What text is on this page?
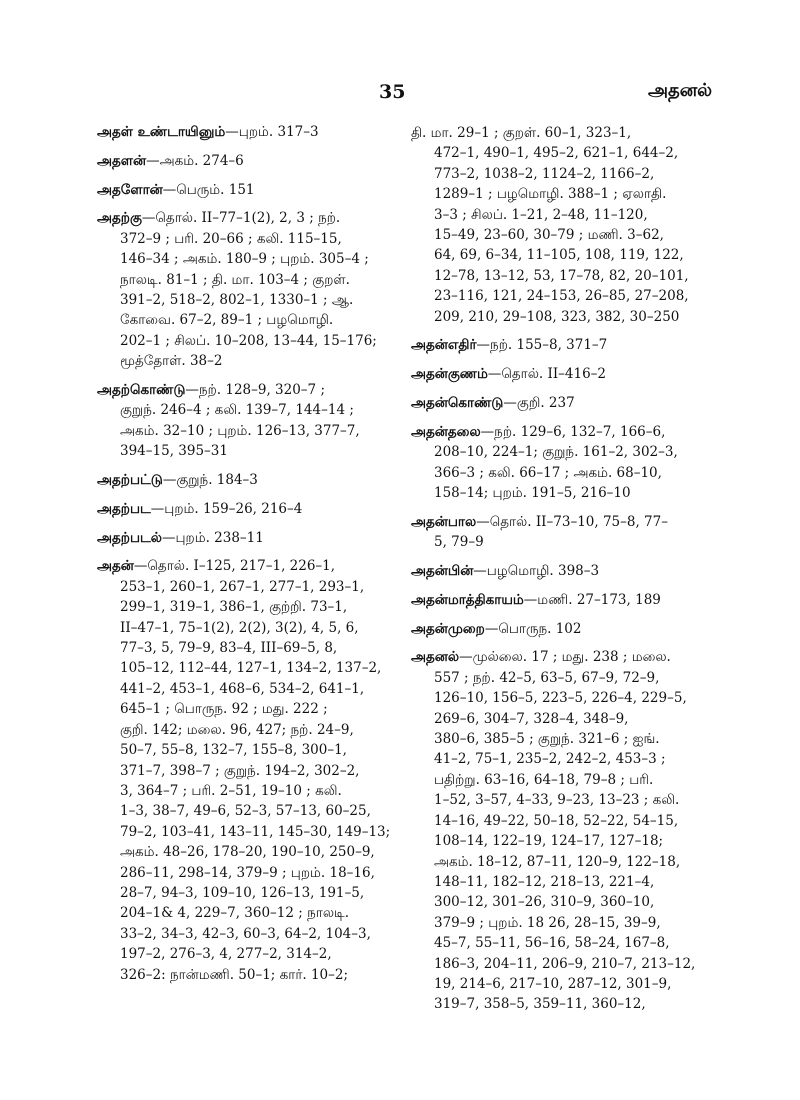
35	அதனல்
அதள் உண்டாயினும்—புறம். 317–3
அதளன்—அகம். 274–6
அதளோன்—பெரும். 151
அதற்கு—தொல். II–77–1(2), 2, 3 ; நற்.
372–9 ; பரி. 20–66 ; கலி. 115–15,
146–34 ; அகம். 180–9 ; புறம். 305–4 ;
நாலடி. 81–1 ; தி. மா. 103–4 ; குறள்.
391–2, 518–2, 802–1, 1330–1 ; ஆ.
கோவை. 67–2, 89–1 ; பழமொழி.
202–1 ; சிலப். 10–208, 13–44, 15–176;
மூத்தோள். 38–2
அதற்கொண்டு—நற். 128–9, 320–7 ;
குறுந். 246–4 ; கலி. 139–7, 144–14 ;
அகம். 32–10 ; புறம். 126–13, 377–7,
394–15, 395–31
அதற்பட்டு—குறுந். 184–3
அதற்பட—புறம். 159–26, 216–4
அதற்படல்—புறம். 238–11
அதன்—தொல். I–125, 217–1, 226–1,
253–1, 260–1, 267–1, 277–1, 293–1,
299–1, 319–1, 386–1, குற்றி. 73–1,
II–47–1, 75–1(2), 2(2), 3(2), 4, 5, 6,
77–3, 5, 79–9, 83–4, III–69–5, 8,
105–12, 112–44, 127–1, 134–2, 137–2,
441–2, 453–1, 468–6, 534–2, 641–1,
645–1 ; பொருந. 92 ; மது. 222 ;
குறி. 142; மலை. 96, 427; நற். 24–9,
50–7, 55–8, 132–7, 155–8, 300–1,
371–7, 398–7 ; குறுந். 194–2, 302–2,
3, 364–7 ; பரி. 2–51, 19–10 ; கலி.
1–3, 38–7, 49–6, 52–3, 57–13, 60–25,
79–2, 103–41, 143–11, 145–30, 149–13;
அகம். 48–26, 178–20, 190–10, 250–9,
286–11, 298–14, 379–9 ; புறம். 18–16,
28–7, 94–3, 109–10, 126–13, 191–5,
204–1& 4, 229–7, 360–12 ; நாலடி.
33–2, 34–3, 42–3, 60–3, 64–2, 104–3,
197–2, 276–3, 4, 277–2, 314–2,
326–2: நான்மணி. 50–1; கார். 10–2;
தி. மா. 29–1 ; குறள். 60–1, 323–1,
472–1, 490–1, 495–2, 621–1, 644–2,
773–2, 1038–2, 1124–2, 1166–2,
1289–1 ; பழமொழி. 388–1 ; ஏலாதி.
3–3 ; சிலப். 1–21, 2–48, 11–120,
15–49, 23–60, 30–79 ; மணி. 3–62,
64, 69, 6–34, 11–105, 108, 119, 122,
12–78, 13–12, 53, 17–78, 82, 20–101,
23–116, 121, 24–153, 26–85, 27–208,
209, 210, 29–108, 323, 382, 30–250
அதன்எதிர்—நற். 155–8, 371–7
அதன்குணம்—தொல். II–416–2
அதன்கொண்டு—குறி. 237
அதன்தலை—நற். 129–6, 132–7, 166–6,
208–10, 224–1; குறுந். 161–2, 302–3,
366–3 ; கலி. 66–17 ; அகம். 68–10,
158–14; புறம். 191–5, 216–10
அதன்பால—தொல். II–73–10, 75–8, 77–
5, 79–9
அதன்பின்—பழமொழி. 398–3
அதன்மாத்திகாயம்—மணி. 27–173, 189
அதன்முறை—பொருந. 102
அதனல்—முல்லை. 17 ; மது. 238 ; மலை.
557 ; நற். 42–5, 63–5, 67–9, 72–9,
126–10, 156–5, 223–5, 226–4, 229–5,
269–6, 304–7, 328–4, 348–9,
380–6, 385–5 ; குறுந். 321–6 ; ஐங்.
41–2, 75–1, 235–2, 242–2, 453–3 ;
பதிற்று. 63–16, 64–18, 79–8 ; பரி.
1–52, 3–57, 4–33, 9–23, 13–23 ; கலி.
14–16, 49–22, 50–18, 52–22, 54–15,
108–14, 122–19, 124–17, 127–18;
அகம். 18–12, 87–11, 120–9, 122–18,
148–11, 182–12, 218–13, 221–4,
300–12, 301–26, 310–9, 360–10,
379–9 ; புறம். 18 26, 28–15, 39–9,
45–7, 55–11, 56–16, 58–24, 167–8,
186–3, 204–11, 206–9, 210–7, 213–12,
19, 214–6, 217–10, 287–12, 301–9,
319–7, 358–5, 359–11, 360–12,
